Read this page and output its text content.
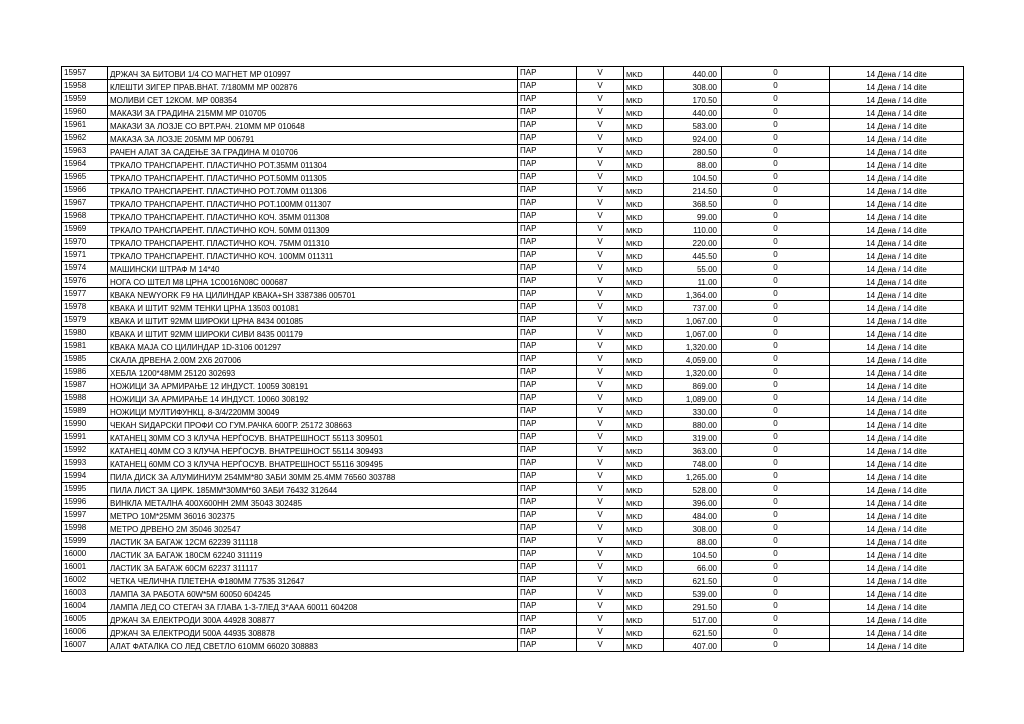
15957	ДРЖАЧ ЗА БИТОВИ 1/4 СО МАГНЕТ МР 010997	ПАР	V	MKD	440.00	0	14 Дена / 14 dite
15958	КЛЕШТИ ЗИГЕР ПРАВ.ВНАТ. 7/180ММ МР 002876	ПАР	V	MKD	308.00	0	14 Дена / 14 dite
15959	МОЛИВИ СЕТ 12КОМ. МР 008354	ПАР	V	MKD	170.50	0	14 Дена / 14 dite
15960	МАКАЗИ ЗА ГРАДИНА 215ММ МР 010705	ПАР	V	MKD	440.00	0	14 Дена / 14 dite
15961	МАКАЗИ ЗА ЛОЗЈЕ СО ВРТ.РАЧ. 210ММ МР 010648	ПАР	V	MKD	583.00	0	14 Дена / 14 dite
15962	МАКАЗА ЗА ЛОЗЈЕ 205ММ МР 006791	ПАР	V	MKD	924.00	0	14 Дена / 14 dite
15963	РАЧЕН АЛАТ ЗА САДЕЊЕ ЗА ГРАДИНА М 010706	ПАР	V	MKD	280.50	0	14 Дена / 14 dite
15964	ТРКАЛО ТРАНСПАРЕНТ. ПЛАСТИЧНО РОТ.35ММ 011304	ПАР	V	MKD	88.00	0	14 Дена / 14 dite
15965	ТРКАЛО ТРАНСПАРЕНТ. ПЛАСТИЧНО РОТ.50ММ 011305	ПАР	V	MKD	104.50	0	14 Дена / 14 dite
15966	ТРКАЛО ТРАНСПАРЕНТ. ПЛАСТИЧНО РОТ.70ММ 011306	ПАР	V	MKD	214.50	0	14 Дена / 14 dite
15967	ТРКАЛО ТРАНСПАРЕНТ. ПЛАСТИЧНО РОТ.100ММ 011307	ПАР	V	MKD	368.50	0	14 Дена / 14 dite
15968	ТРКАЛО ТРАНСПАРЕНТ. ПЛАСТИЧНО КОЧ. 35ММ 011308	ПАР	V	MKD	99.00	0	14 Дена / 14 dite
15969	ТРКАЛО ТРАНСПАРЕНТ. ПЛАСТИЧНО КОЧ. 50ММ 011309	ПАР	V	MKD	110.00	0	14 Дена / 14 dite
15970	ТРКАЛО ТРАНСПАРЕНТ. ПЛАСТИЧНО КОЧ. 75ММ 011310	ПАР	V	MKD	220.00	0	14 Дена / 14 dite
15971	ТРКАЛО ТРАНСПАРЕНТ. ПЛАСТИЧНО КОЧ. 100ММ 011311	ПАР	V	MKD	445.50	0	14 Дена / 14 dite
15974	МАШИНСКИ ШТРАФ М 14*40	ПАР	V	MKD	55.00	0	14 Дена / 14 dite
15976	НОГА СО ШТЕЛ М8 ЦРНА 1С0016N08C 000687	ПАР	V	MKD	11.00	0	14 Дена / 14 dite
15977	КВАКА NEWYORK F9 НА ЦИЛИНДАР КВАКА+SH 3387386 005701	ПАР	V	MKD	1,364.00	0	14 Дена / 14 dite
15978	КВАКА И ШТИТ 92ММ ТЕНКИ ЦРНА 13503 001081	ПАР	V	MKD	737.00	0	14 Дена / 14 dite
15979	КВАКА И ШТИТ 92ММ ШИРОКИ ЦРНА 8434 001085	ПАР	V	MKD	1,067.00	0	14 Дена / 14 dite
15980	КВАКА И ШТИТ 92ММ ШИРОКИ СИВИ 8435 001179	ПАР	V	MKD	1,067.00	0	14 Дена / 14 dite
15981	КВАКА МАЈА СО ЦИЛИНДАР 1D-3106 001297	ПАР	V	MKD	1,320.00	0	14 Дена / 14 dite
15985	СКАЛА ДРВЕНА 2.00М 2Х6 207006	ПАР	V	MKD	4,059.00	0	14 Дена / 14 dite
15986	ХЕБЛА 1200*48ММ 25120 302693	ПАР	V	MKD	1,320.00	0	14 Дена / 14 dite
15987	НОЖИЦИ ЗА АРМИРАЊЕ 12 ИНДУСТ. 10059 308191	ПАР	V	MKD	869.00	0	14 Дена / 14 dite
15988	НОЖИЦИ ЗА АРМИРАЊЕ 14 ИНДУСТ. 10060 308192	ПАР	V	MKD	1,089.00	0	14 Дена / 14 dite
15989	НОЖИЦИ МУЛТИФУНКЦ. 8-3/4/220ММ 30049	ПАР	V	MKD	330.00	0	14 Дена / 14 dite
15990	ЧЕКАН ЅИДАРСКИ ПРОФИ СО ГУМ.РАЧКА 600ГР. 25172 308663	ПАР	V	MKD	880.00	0	14 Дена / 14 dite
15991	КАТАНЕЦ 30ММ СО 3 КЛУЧА НЕРЃОСУВ. ВНАТРЕШНОСТ 55113 309501	ПАР	V	MKD	319.00	0	14 Дена / 14 dite
15992	КАТАНЕЦ 40ММ СО 3 КЛУЧА НЕРЃОСУВ. ВНАТРЕШНОСТ 55114 309493	ПАР	V	MKD	363.00	0	14 Дена / 14 dite
15993	КАТАНЕЦ 60ММ СО 3 КЛУЧА НЕРЃОСУВ. ВНАТРЕШНОСТ 55116 309495	ПАР	V	MKD	748.00	0	14 Дена / 14 dite
15994	ПИЛА ДИСК ЗА АЛУМИНИУМ 254ММ*80 ЗАБИ 30ММ 25.4ММ 76560 303788	ПАР	V	MKD	1,265.00	0	14 Дена / 14 dite
15995	ПИЛА ЛИСТ ЗА ЦИРК. 185ММ*30ММ*60 ЗАБИ 76432 312644	ПАР	V	MKD	528.00	0	14 Дена / 14 dite
15996	ВИНКЛА МЕТАЛНА 400Х600НН 2ММ 35043 302485	ПАР	V	MKD	396.00	0	14 Дена / 14 dite
15997	МЕТРО 10М*25ММ 36016 302375	ПАР	V	MKD	484.00	0	14 Дена / 14 dite
15998	МЕТРО ДРВЕНО 2М 35046 302547	ПАР	V	MKD	308.00	0	14 Дена / 14 dite
15999	ЛАСТИК ЗА БАГАЖ 12СМ 62239 311118	ПАР	V	MKD	88.00	0	14 Дена / 14 dite
16000	ЛАСТИК ЗА БАГАЖ 180СМ 62240 311119	ПАР	V	MKD	104.50	0	14 Дена / 14 dite
16001	ЛАСТИК ЗА БАГАЖ 60СМ 62237 311117	ПАР	V	MKD	66.00	0	14 Дена / 14 dite
16002	ЧЕТКА ЧЕЛИЧНА ПЛЕТЕНА Φ180ММ 77535 312647	ПАР	V	MKD	621.50	0	14 Дена / 14 dite
16003	ЛАМПА ЗА РАБОТА 60W*5M 60050 604245	ПАР	V	MKD	539.00	0	14 Дена / 14 dite
16004	ЛАМПА ЛЕД СО СТЕГАЧ ЗА ГЛАВА 1-3-7ЛЕД 3*ААА 60011 604208	ПАР	V	MKD	291.50	0	14 Дена / 14 dite
16005	ДРЖАЧ ЗА ЕЛЕКТРОДИ 300А 44928 308877	ПАР	V	MKD	517.00	0	14 Дена / 14 dite
16006	ДРЖАЧ ЗА ЕЛЕКТРОДИ 500А 44935 308878	ПАР	V	MKD	621.50	0	14 Дена / 14 dite
16007	АЛАТ ФАТАЛКА СО ЛЕД СВЕТЛО 610ММ 66020 308883	ПАР	V	MKD	407.00	0	14 Дена / 14 dite
